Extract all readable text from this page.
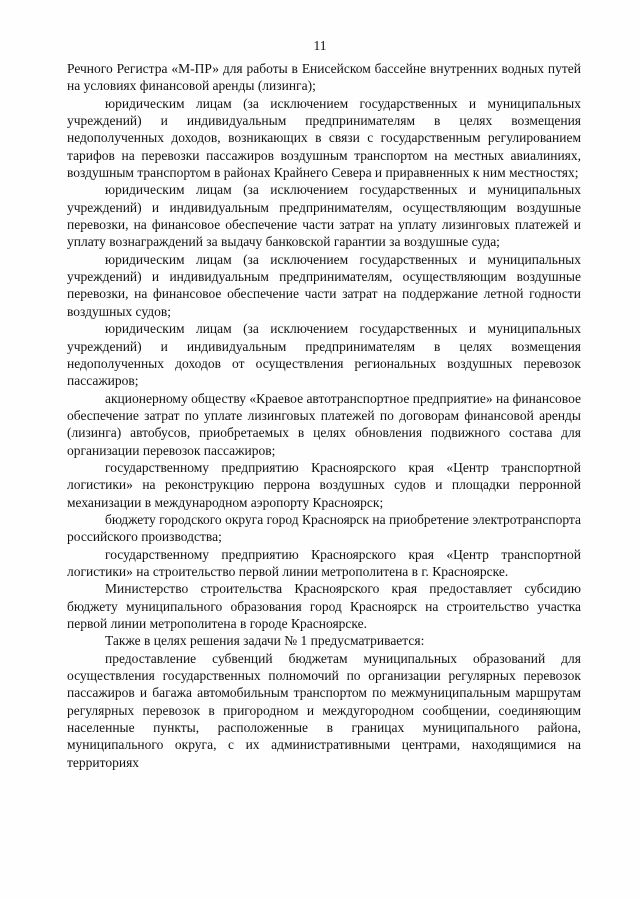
11

Речного Регистра «М-ПР» для работы в Енисейском бассейне внутренних водных путей на условиях финансовой аренды (лизинга);

юридическим лицам (за исключением государственных и муниципальных учреждений) и индивидуальным предпринимателям в целях возмещения недополученных доходов, возникающих в связи с государственным регулированием тарифов на перевозки пассажиров воздушным транспортом на местных авиалиниях, воздушным транспортом в районах Крайнего Севера и приравненных к ним местностях;

юридическим лицам (за исключением государственных и муниципальных учреждений) и индивидуальным предпринимателям, осуществляющим воздушные перевозки, на финансовое обеспечение части затрат на уплату лизинговых платежей и уплату вознаграждений за выдачу банковской гарантии за воздушные суда;

юридическим лицам (за исключением государственных и муниципальных учреждений) и индивидуальным предпринимателям, осуществляющим воздушные перевозки, на финансовое обеспечение части затрат на поддержание летной годности воздушных судов;

юридическим лицам (за исключением государственных и муниципальных учреждений) и индивидуальным предпринимателям в целях возмещения недополученных доходов от осуществления региональных воздушных перевозок пассажиров;

акционерному обществу «Краевое автотранспортное предприятие» на финансовое обеспечение затрат по уплате лизинговых платежей по договорам финансовой аренды (лизинга) автобусов, приобретаемых в целях обновления подвижного состава для организации перевозок пассажиров;

государственному предприятию Красноярского края «Центр транспортной логистики» на реконструкцию перрона воздушных судов и площадки перронной механизации в международном аэропорту Красноярск;

бюджету городского округа город Красноярск на приобретение электротранспорта российского производства;

государственному предприятию Красноярского края «Центр транспортной логистики» на строительство первой линии метрополитена в г. Красноярске.

Министерство строительства Красноярского края предоставляет субсидию бюджету муниципального образования город Красноярск на строительство участка первой линии метрополитена в городе Красноярске.

Также в целях решения задачи № 1 предусматривается:

предоставление субвенций бюджетам муниципальных образований для осуществления государственных полномочий по организации регулярных перевозок пассажиров и багажа автомобильным транспортом по межмуниципальным маршрутам регулярных перевозок в пригородном и междугородном сообщении, соединяющим населенные пункты, расположенные в границах муниципального района, муниципального округа, с их административными центрами, находящимися на территориях
